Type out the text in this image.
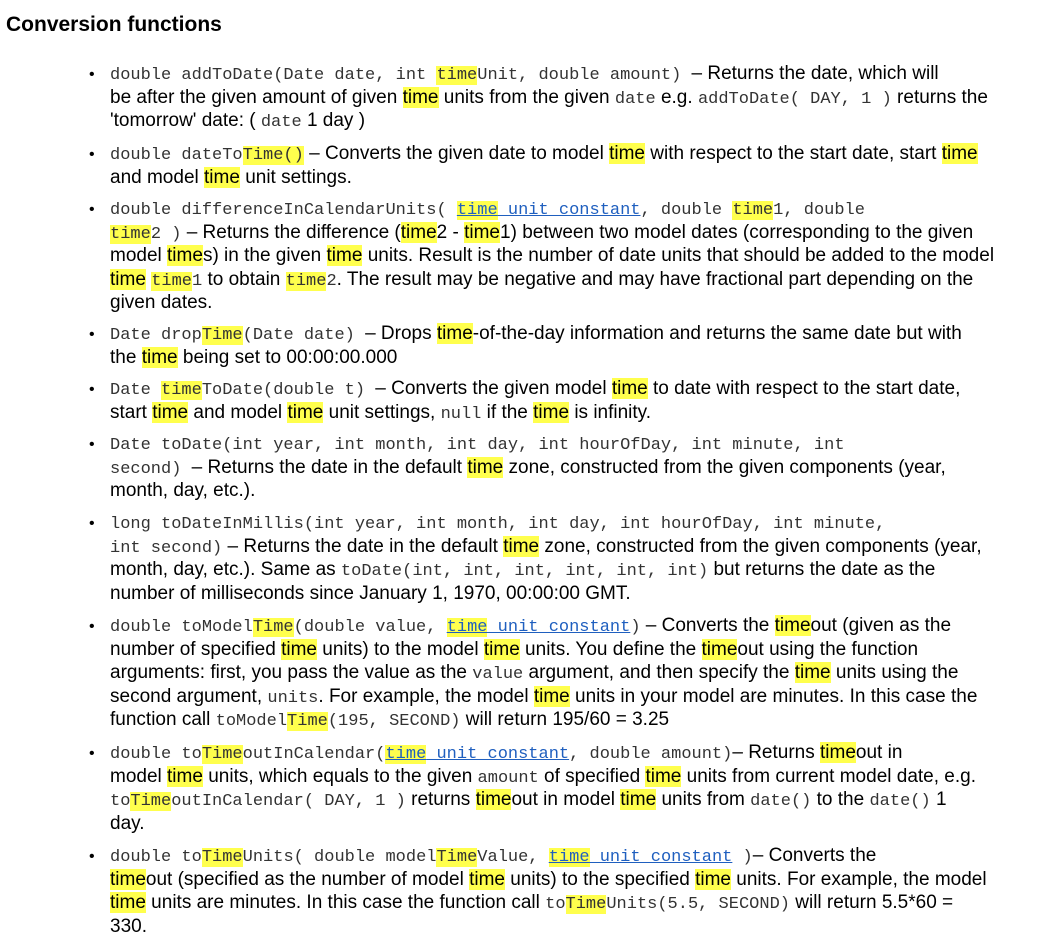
Conversion functions
• double addToDate(Date date, int timeUnit, double amount) – Returns the date, which will
be after the given amount of given time units from the given date e.g. addToDate( DAY, 1 ) returns the
'tomorrow' date: ( date 1 day )
• double dateToTime() – Converts the given date to model time with respect to the start date, start time
and model time unit settings.
• double differenceInCalendarUnits( time unit constant, double time1, double
time2 ) – Returns the difference (time2 - time1) between two model dates (corresponding to the given
model times) in the given time units. Result is the number of date units that should be added to the model
time time1 to obtain time2. The result may be negative and may have fractional part depending on the
given dates.
• Date dropTime(Date date) – Drops time-of-the-day information and returns the same date but with
the time being set to 00:00:00.000
• Date timeToDate(double t) – Converts the given model time to date with respect to the start date,
start time and model time unit settings, null if the time is infinity.
• Date toDate(int year, int month, int day, int hourOfDay, int minute, int
second) – Returns the date in the default time zone, constructed from the given components (year,
month, day, etc.).
• long toDateInMillis(int year, int month, int day, int hourOfDay, int minute,
int second) – Returns the date in the default time zone, constructed from the given components (year,
month, day, etc.). Same as toDate(int, int, int, int, int, int) but returns the date as the
number of milliseconds since January 1, 1970, 00:00:00 GMT.
• double toModelTime(double value, time unit constant) – Converts the timeout (given as the
number of specified time units) to the model time units. You define the timeout using the function
arguments: first, you pass the value as the value argument, and then specify the time units using the
second argument, units. For example, the model time units in your model are minutes. In this case the
function call toModelTime(195, SECOND) will return 195/60 = 3.25
• double toTimeoutInCalendar(time unit constant, double amount)– Returns timeout in
model time units, which equals to the given amount of specified time units from current model date, e.g.
toTimeoutInCalendar( DAY, 1 ) returns timeout in model time units from date() to the date() 1
day.
• double toTimeUnits( double modelTimeValue, time unit constant )– Converts the
timeout (specified as the number of model time units) to the specified time units. For example, the model
time units are minutes. In this case the function call toTimeUnits(5.5, SECOND) will return 5.5*60 =
330.
